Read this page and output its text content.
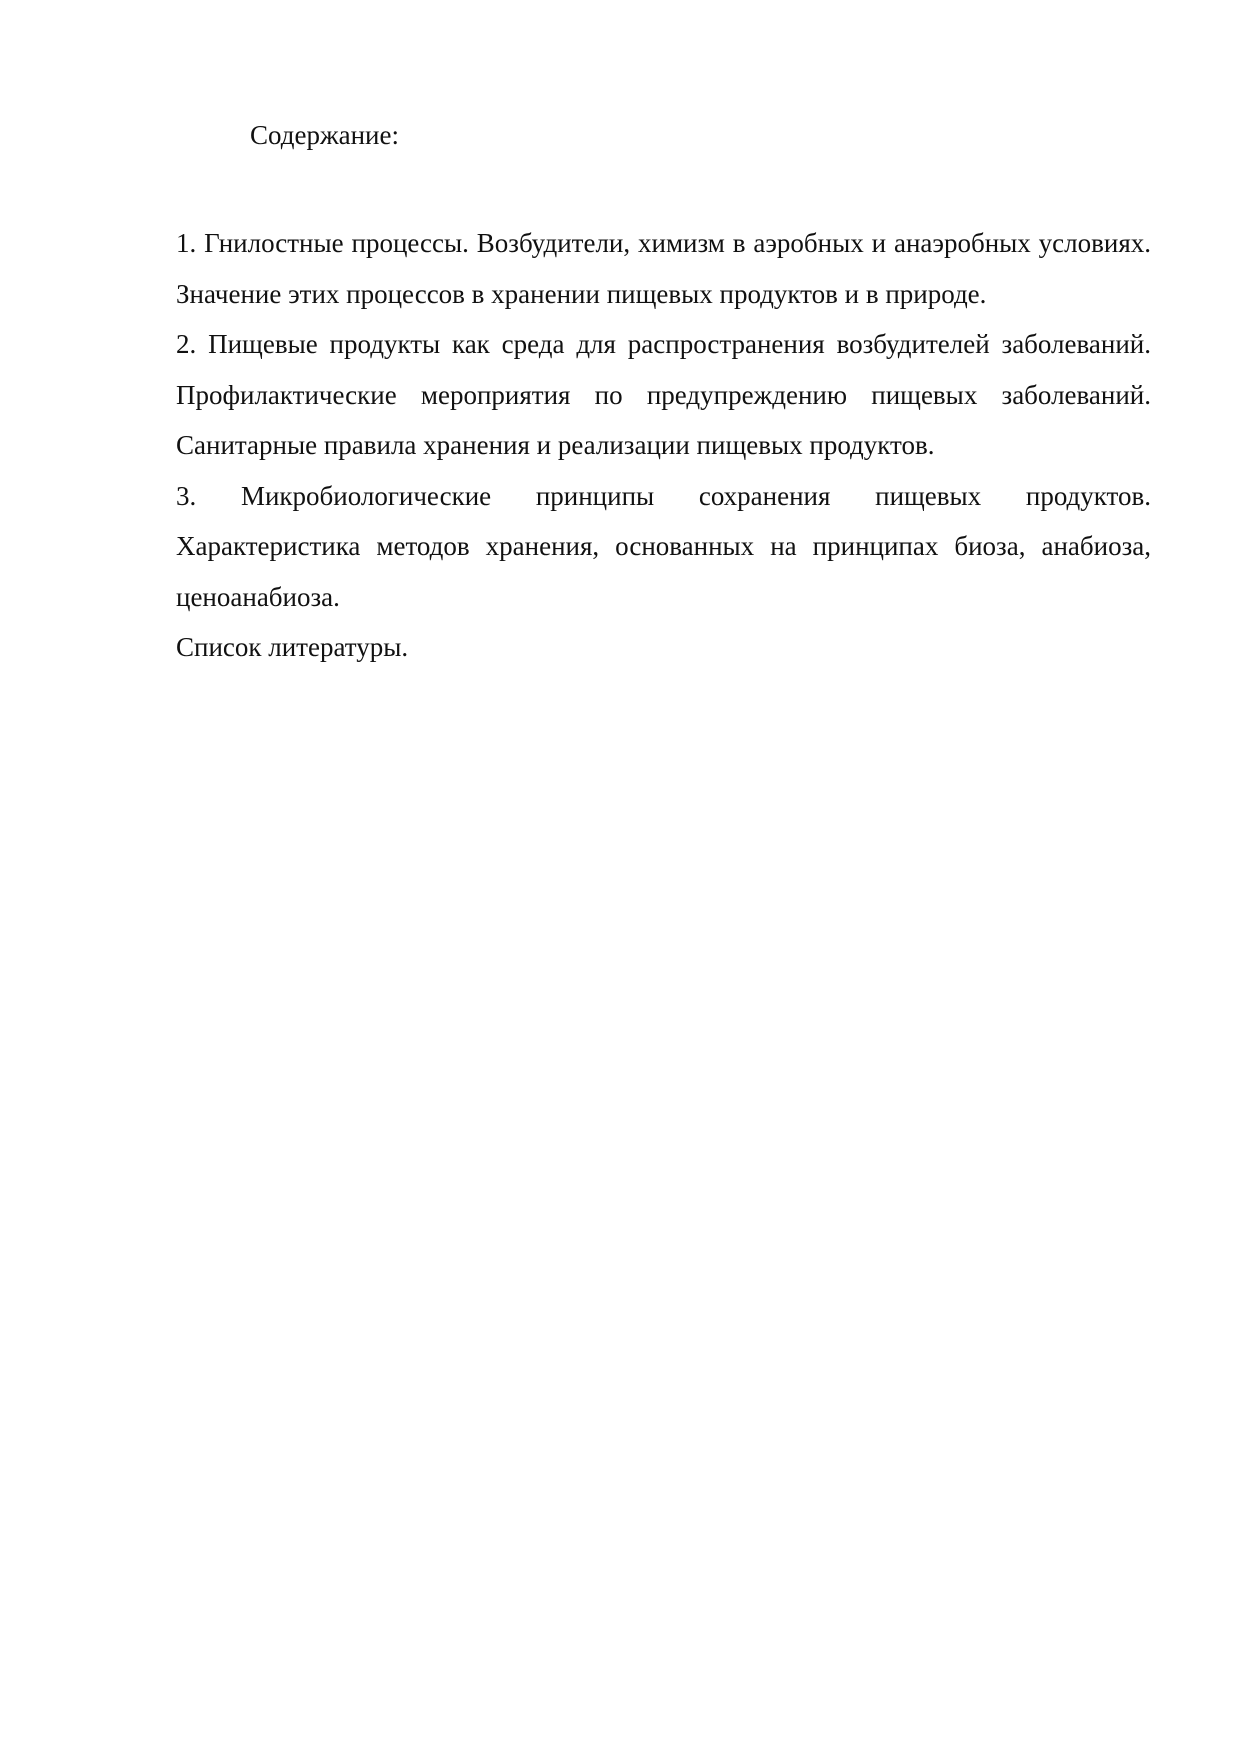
Содержание:

1. Гнилостные процессы. Возбудители, химизм в аэробных и анаэробных условиях. Значение этих процессов в хранении пищевых продуктов и в природе.

2. Пищевые продукты как среда для распространения возбудителей заболеваний. Профилактические мероприятия по предупреждению пищевых заболеваний. Санитарные правила хранения и реализации пищевых продуктов.

3. Микробиологические принципы сохранения пищевых продуктов. Характеристика методов хранения, основанных на принципах биоза, анабиоза, ценоанабиоза.

Список литературы.
